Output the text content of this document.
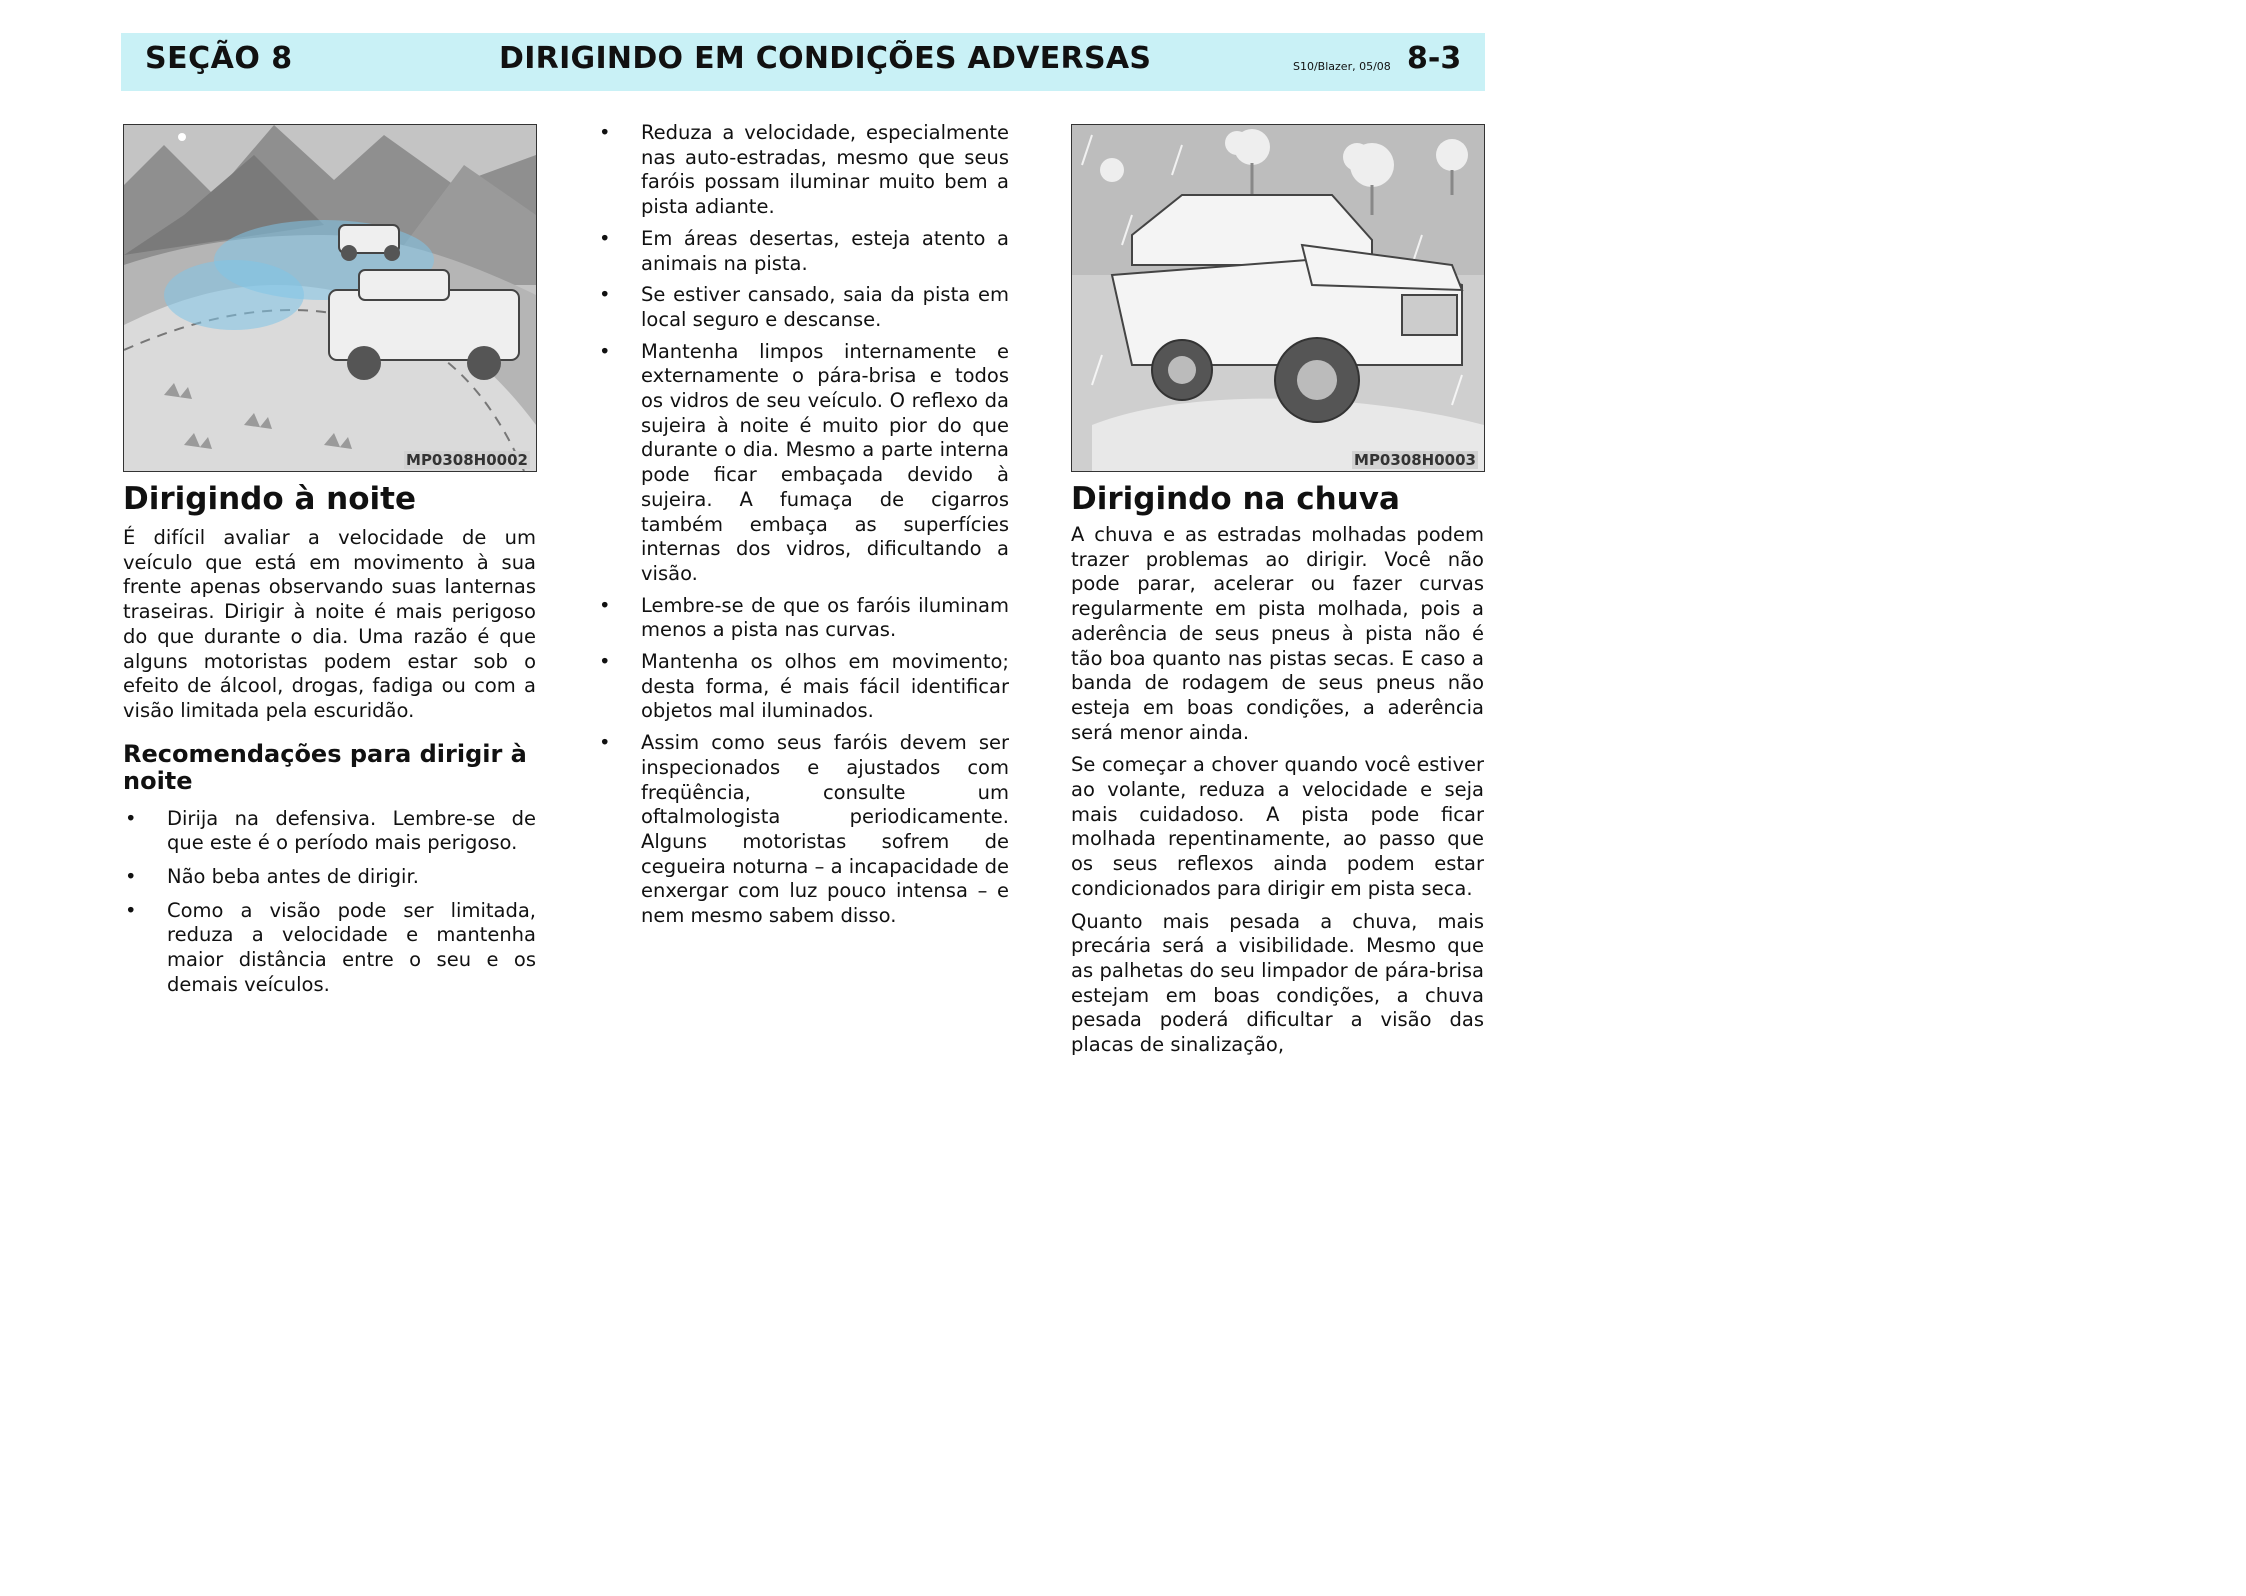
SEÇÃO 8	DIRIGINDO EM CONDIÇÕES ADVERSAS	S10/Blazer, 05/08 8-3
MP0308H0002
Dirigindo à noite

É difícil avaliar a velocidade de um veículo que está em movimento à sua frente apenas observando suas lanternas traseiras. Dirigir à noite é mais perigoso do que durante o dia. Uma razão é que alguns motoristas podem estar sob o efeito de álcool, drogas, fadiga ou com a visão limitada pela escuridão.

Recomendações para dirigir à noite
• Dirija na defensiva. Lembre-se de que este é o período mais perigoso.
• Não beba antes de dirigir.
• Como a visão pode ser limitada, reduza a velocidade e mantenha maior distância entre o seu e os demais veículos.
• Reduza a velocidade, especialmente nas auto-estradas, mesmo que seus faróis possam iluminar muito bem a pista adiante.
• Em áreas desertas, esteja atento a animais na pista.
• Se estiver cansado, saia da pista em local seguro e descanse.
• Mantenha limpos internamente e externamente o pára-brisa e todos os vidros de seu veículo. O reflexo da sujeira à noite é muito pior do que durante o dia. Mesmo a parte interna pode ficar embaçada devido à sujeira. A fumaça de cigarros também embaça as superfícies internas dos vidros, dificultando a visão.
• Lembre-se de que os faróis iluminam menos a pista nas curvas.
• Mantenha os olhos em movimento; desta forma, é mais fácil identificar objetos mal iluminados.
• Assim como seus faróis devem ser inspecionados e ajustados com freqüência, consulte um oftalmologista periodicamente. Alguns motoristas sofrem de cegueira noturna – a incapacidade de enxergar com luz pouco intensa – e nem mesmo sabem disso.
MP0308H0003
Dirigindo na chuva

A chuva e as estradas molhadas podem trazer problemas ao dirigir. Você não pode parar, acelerar ou fazer curvas regularmente em pista molhada, pois a aderência de seus pneus à pista não é tão boa quanto nas pistas secas. E caso a banda de rodagem de seus pneus não esteja em boas condições, a aderência será menor ainda.

Se começar a chover quando você estiver ao volante, reduza a velocidade e seja mais cuidadoso. A pista pode ficar molhada repentinamente, ao passo que os seus reflexos ainda podem estar condicionados para dirigir em pista seca.

Quanto mais pesada a chuva, mais precária será a visibilidade. Mesmo que as palhetas do seu limpador de pára-brisa estejam em boas condições, a chuva pesada poderá dificultar a visão das placas de sinalização,
